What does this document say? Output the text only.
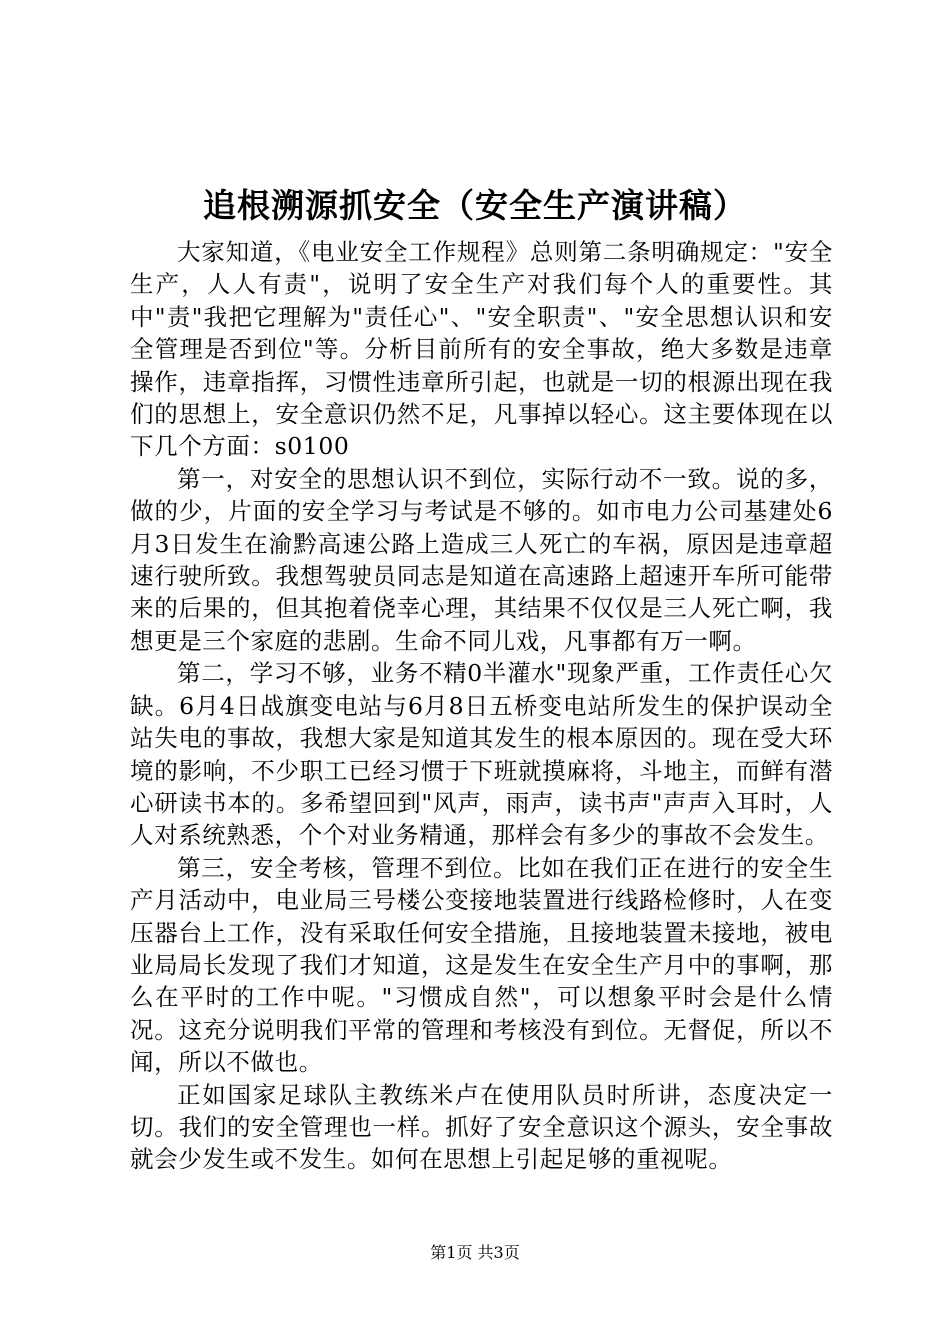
追根溯源抓安全（安全生产演讲稿）

大家知道，《电业安全工作规程》总则第二条明确规定："安全生产，人人有责"，说明了安全生产对我们每个人的重要性。其中"责"我把它理解为"责任心"、"安全职责"、"安全思想认识和安全管理是否到位"等。分析目前所有的安全事故，绝大多数是违章操作，违章指挥，习惯性违章所引起，也就是一切的根源出现在我们的思想上，安全意识仍然不足，凡事掉以轻心。这主要体现在以下几个方面：s0100

第一，对安全的思想认识不到位，实际行动不一致。说的多，做的少，片面的安全学习与考试是不够的。如市电力公司基建处6月3日发生在渝黔高速公路上造成三人死亡的车祸，原因是违章超速行驶所致。我想驾驶员同志是知道在高速路上超速开车所可能带来的后果的，但其抱着侥幸心理，其结果不仅仅是三人死亡啊，我想更是三个家庭的悲剧。生命不同儿戏，凡事都有万一啊。

第二，学习不够，业务不精0半灌水"现象严重，工作责任心欠缺。6月4日战旗变电站与6月8日五桥变电站所发生的保护误动全站失电的事故，我想大家是知道其发生的根本原因的。现在受大环境的影响，不少职工已经习惯于下班就摸麻将，斗地主，而鲜有潜心研读书本的。多希望回到"风声，雨声，读书声"声声入耳时，人人对系统熟悉，个个对业务精通，那样会有多少的事故不会发生。

第三，安全考核，管理不到位。比如在我们正在进行的安全生产月活动中，电业局三号楼公变接地装置进行线路检修时，人在变压器台上工作，没有采取任何安全措施，且接地装置未接地，被电业局局长发现了我们才知道，这是发生在安全生产月中的事啊，那么在平时的工作中呢。"习惯成自然"，可以想象平时会是什么情况。这充分说明我们平常的管理和考核没有到位。无督促，所以不闻，所以不做也。

正如国家足球队主教练米卢在使用队员时所讲，态度决定一切。我们的安全管理也一样。抓好了安全意识这个源头，安全事故就会少发生或不发生。如何在思想上引起足够的重视呢。

第1页 共3页
